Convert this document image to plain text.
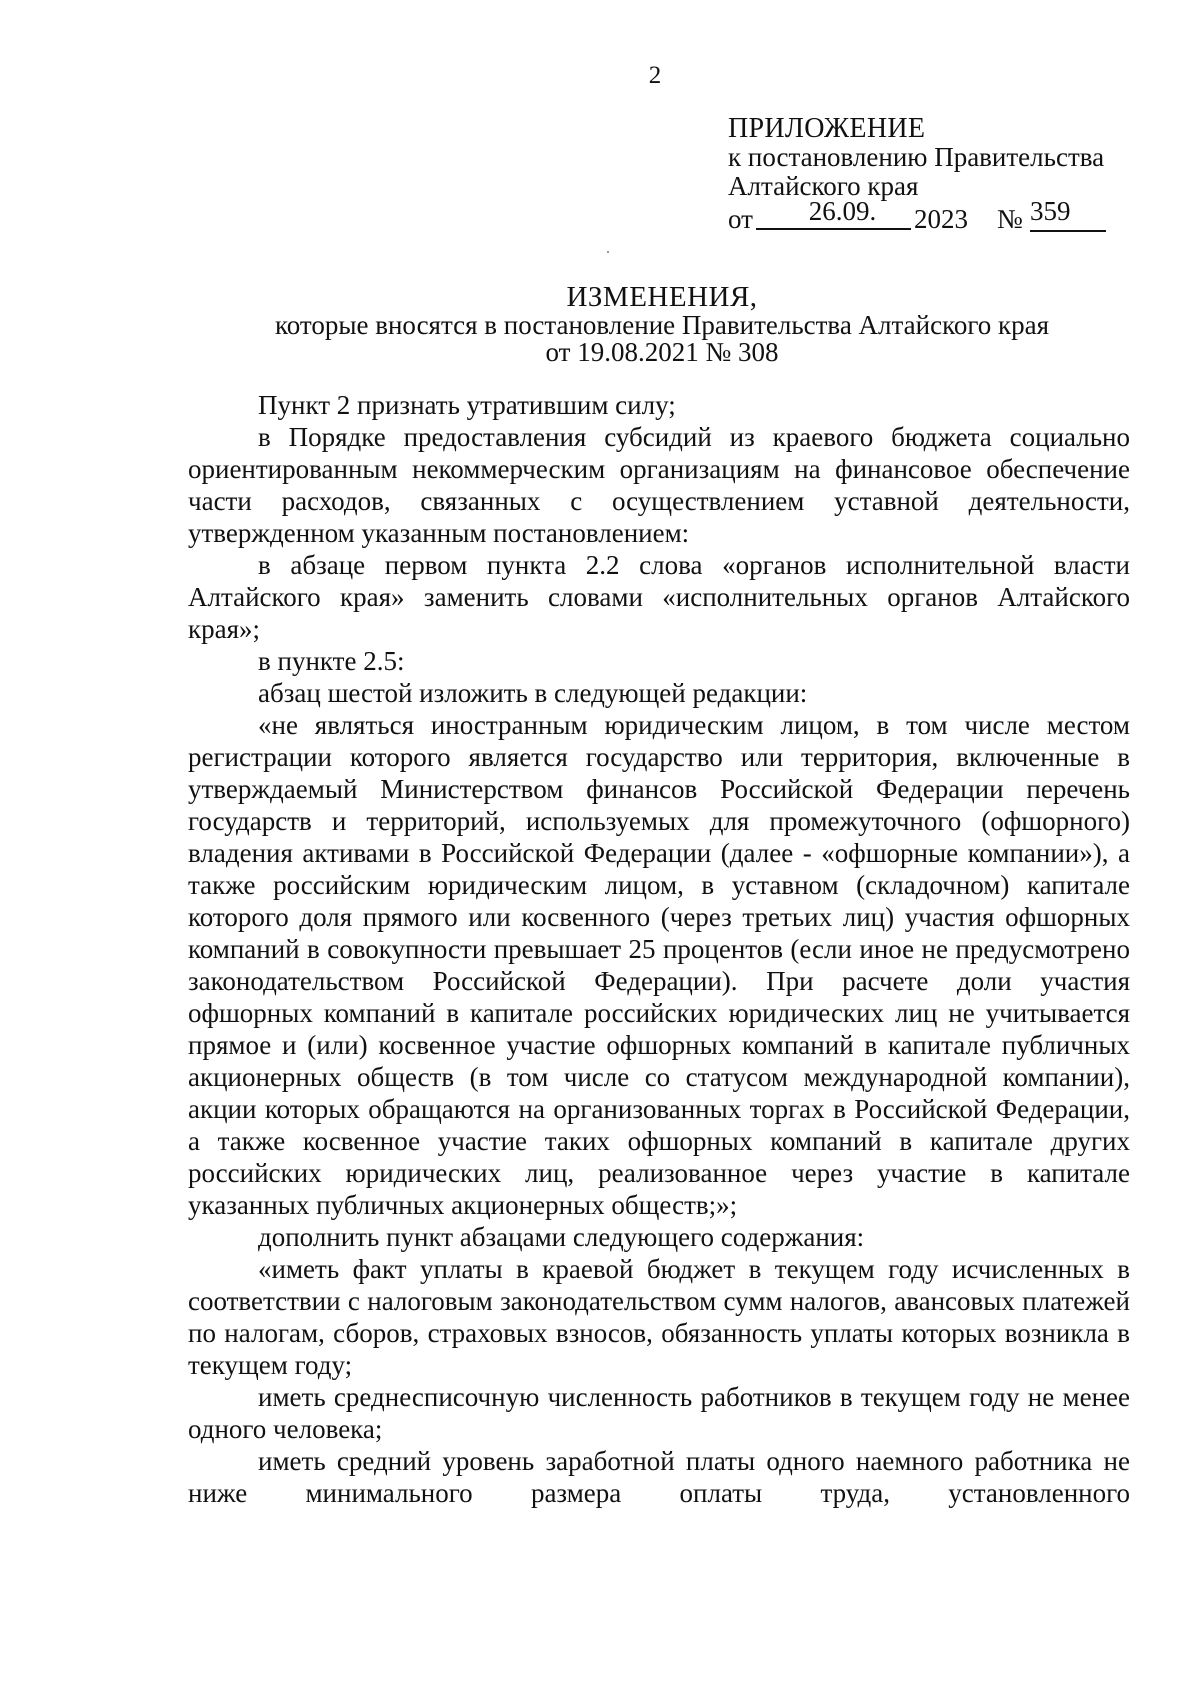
2
ПРИЛОЖЕНИЕ
к постановлению Правительства
Алтайского края
от	26.09.	2023 № 359
ИЗМЕНЕНИЯ,
которые вносятся в постановление Правительства Алтайского края
от 19.08.2021 № 308

Пункт 2 признать утратившим силу;

в Порядке предоставления субсидий из краевого бюджета социально ориентированным некоммерческим организациям на финансовое обеспечение части расходов, связанных с осуществлением уставной деятельности, утвержденном указанным постановлением:

в абзаце первом пункта 2.2 слова «органов исполнительной власти Алтайского края» заменить словами «исполнительных органов Алтайского края»;

в пункте 2.5:

абзац шестой изложить в следующей редакции:

«не являться иностранным юридическим лицом, в том числе местом регистрации которого является государство или территория, включенные в утверждаемый Министерством финансов Российской Федерации перечень государств и территорий, используемых для промежуточного (офшорного) владения активами в Российской Федерации (далее - «офшорные компании»), а также российским юридическим лицом, в уставном (складочном) капитале которого доля прямого или косвенного (через третьих лиц) участия офшорных компаний в совокупности превышает 25 процентов (если иное не предусмотрено законодательством Российской Федерации). При расчете доли участия офшорных компаний в капитале российских юридических лиц не учитывается прямое и (или) косвенное участие офшорных компаний в капитале публичных акционерных обществ (в том числе со статусом международной компании), акции которых обращаются на организованных торгах в Российской Федерации, а также косвенное участие таких офшорных компаний в капитале других российских юридических лиц, реализованное через участие в капитале указанных публичных акционерных обществ;»;

дополнить пункт абзацами следующего содержания:

«иметь факт уплаты в краевой бюджет в текущем году исчисленных в соответствии с налоговым законодательством сумм налогов, авансовых платежей по налогам, сборов, страховых взносов, обязанность уплаты которых возникла в текущем году;

иметь среднесписочную численность работников в текущем году не менее одного человека;

иметь средний уровень заработной платы одного наемного работника не ниже минимального размера оплаты труда, установленного
